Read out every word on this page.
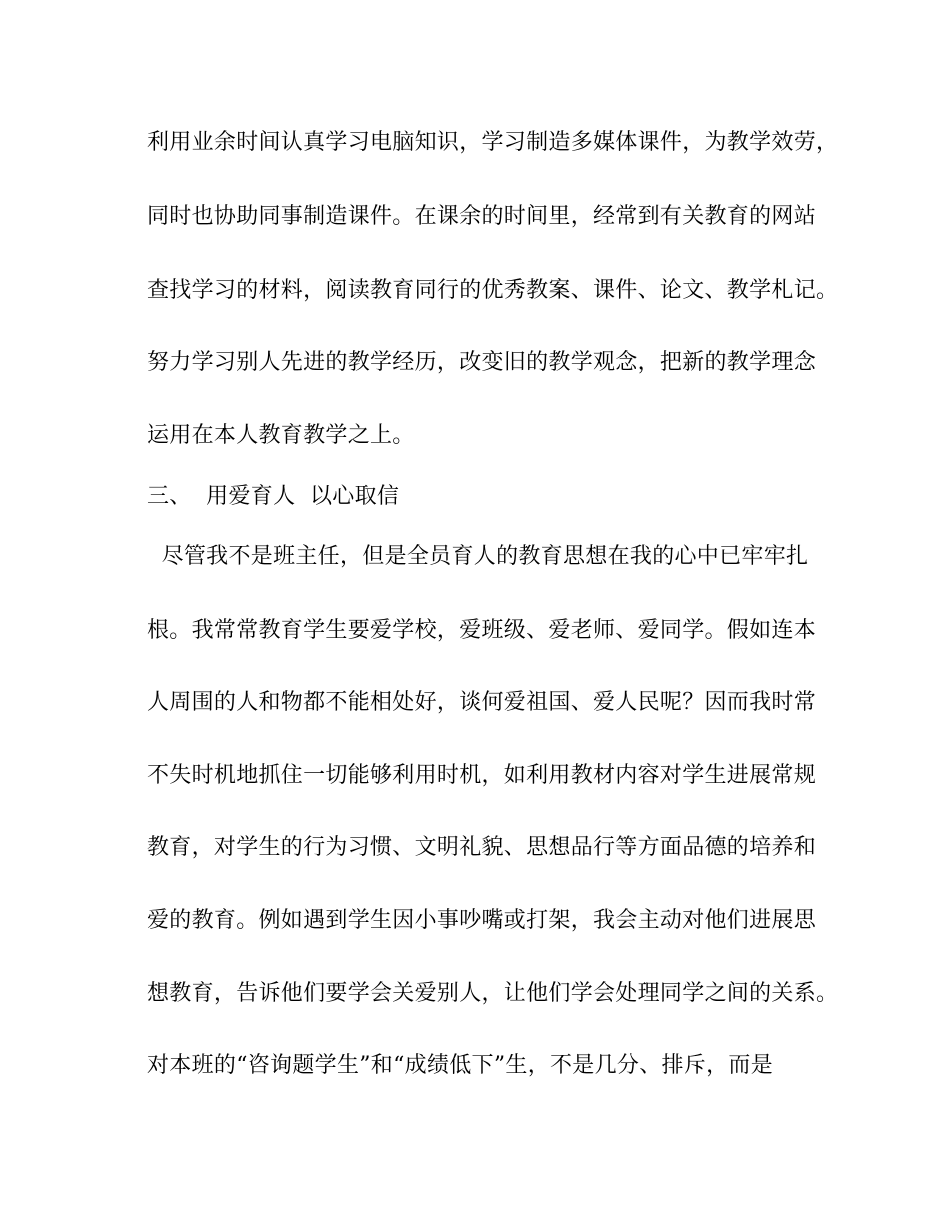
利用业余时间认真学习电脑知识，学习制造多媒体课件，为教学效劳，
同时也协助同事制造课件。在课余的时间里，经常到有关教育的网站
查找学习的材料，阅读教育同行的优秀教案、课件、论文、教学札记。
努力学习别人先进的教学经历，改变旧的教学观念，把新的教学理念
运用在本人教育教学之上。
三、  用爱育人  以心取信
尽管我不是班主任，但是全员育人的教育思想在我的心中已牢牢扎
根。我常常教育学生要爱学校，爱班级、爱老师、爱同学。假如连本
人周围的人和物都不能相处好，谈何爱祖国、爱人民呢？因而我时常
不失时机地抓住一切能够利用时机，如利用教材内容对学生进展常规
教育，对学生的行为习惯、文明礼貌、思想品行等方面品德的培养和
爱的教育。例如遇到学生因小事吵嘴或打架，我会主动对他们进展思
想教育，告诉他们要学会关爱别人，让他们学会处理同学之间的关系。
对本班的“咨询题学生”和“成绩低下”生，不是几分、排斥，而是
